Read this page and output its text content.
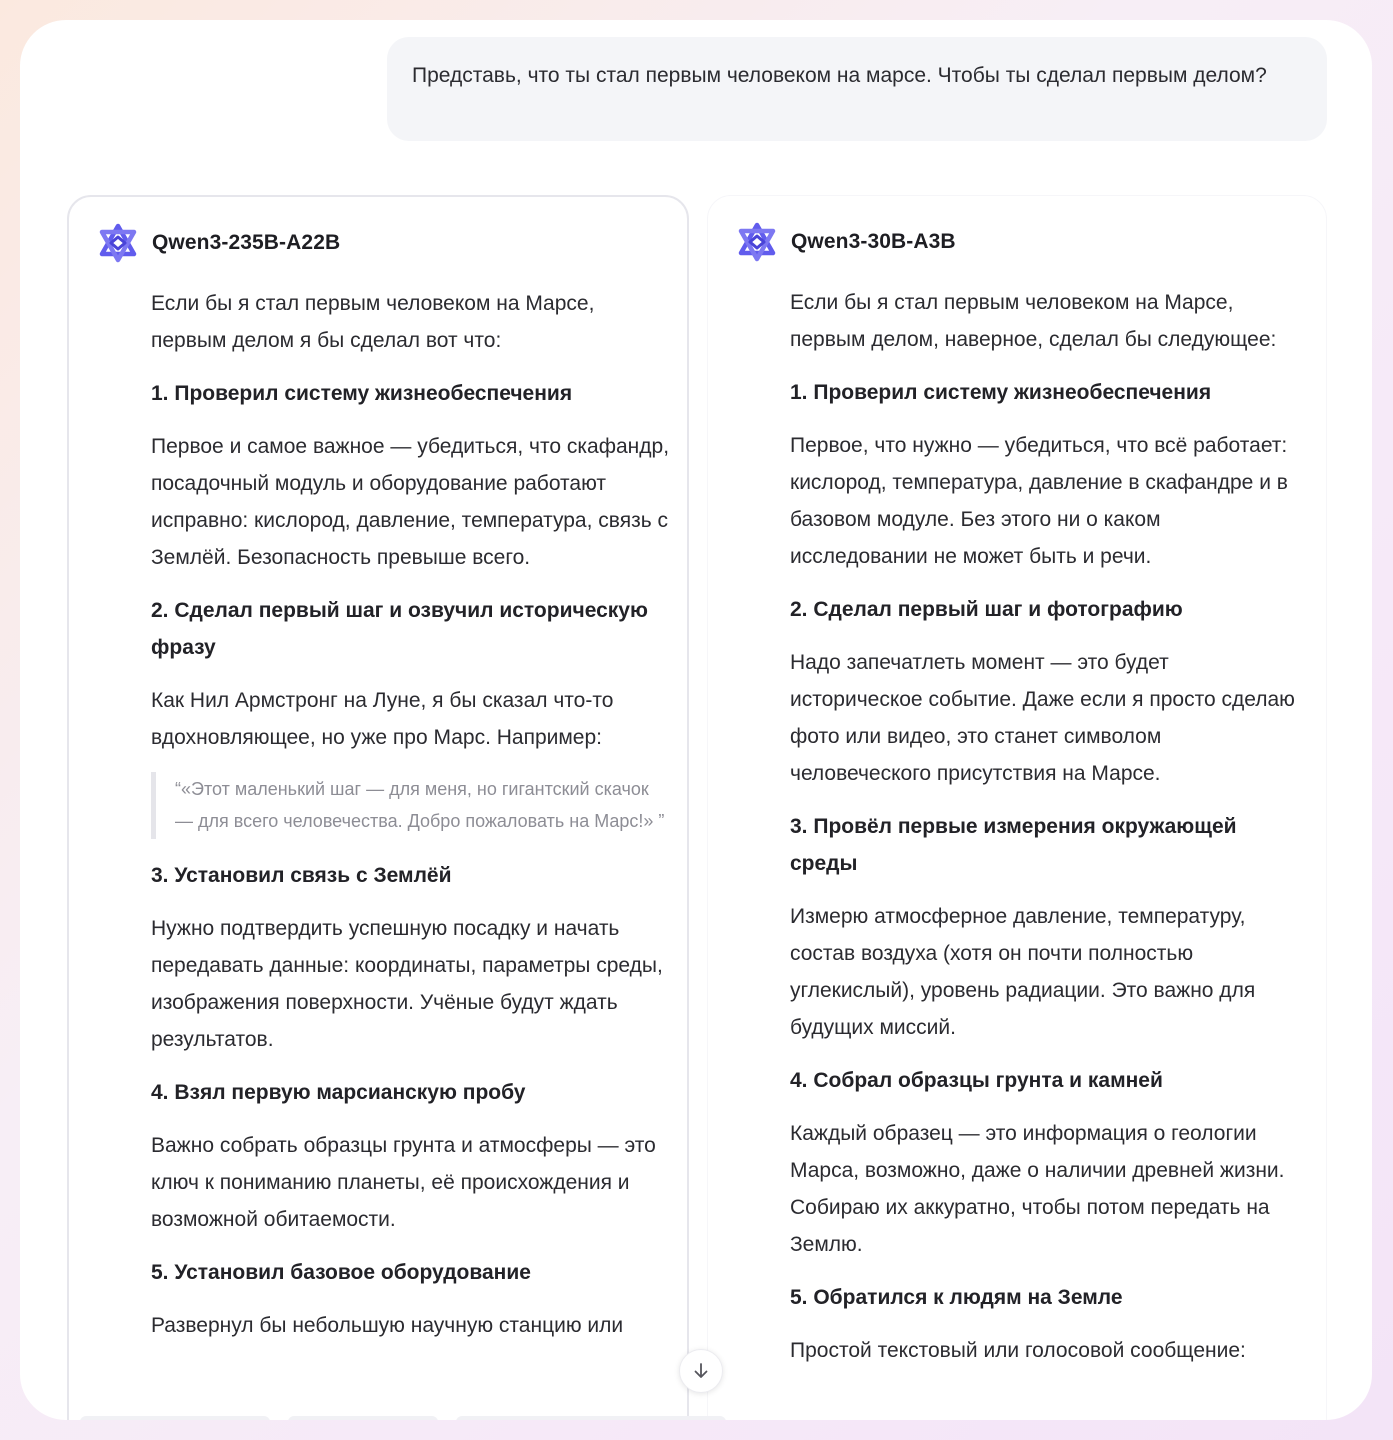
Представь, что ты стал первым человеком на марсе. Чтобы ты сделал первым делом?
Qwen3-235B-A22B

Если бы я стал первым человеком на Марсе, первым делом я бы сделал вот что:

1. Проверил систему жизнеобеспечения

Первое и самое важное — убедиться, что скафандр, посадочный модуль и оборудование работают исправно: кислород, давление, температура, связь с Землёй. Безопасность превыше всего.

2. Сделал первый шаг и озвучил историческую фразу

Как Нил Армстронг на Луне, я бы сказал что-то вдохновляющее, но уже про Марс. Например:

“«Этот маленький шаг — для меня, но гигантский скачок — для всего человечества. Добро пожаловать на Марс!» ”
3. Установил связь с Землёй

Нужно подтвердить успешную посадку и начать передавать данные: координаты, параметры среды, изображения поверхности. Учёные будут ждать результатов.

4. Взял первую марсианскую пробу

Важно собрать образцы грунта и атмосферы — это ключ к пониманию планеты, её происхождения и возможной обитаемости.

5. Установил базовое оборудование

Развернул бы небольшую научную станцию или

Qwen3-30B-A3B

Если бы я стал первым человеком на Марсе, первым делом, наверное, сделал бы следующее:

1. Проверил систему жизнеобеспечения

Первое, что нужно — убедиться, что всё работает: кислород, температура, давление в скафандре и в базовом модуле. Без этого ни о каком исследовании не может быть и речи.

2. Сделал первый шаг и фотографию

Надо запечатлеть момент — это будет историческое событие. Даже если я просто сделаю фото или видео, это станет символом человеческого присутствия на Марсе.

3. Провёл первые измерения окружающей среды

Измерю атмосферное давление, температуру, состав воздуха (хотя он почти полностью углекислый), уровень радиации. Это важно для будущих миссий.

4. Собрал образцы грунта и камней

Каждый образец — это информация о геологии Марса, возможно, даже о наличии древней жизни. Собираю их аккуратно, чтобы потом передать на Землю.

5. Обратился к людям на Земле

Простой текстовый или голосовой сообщение:
